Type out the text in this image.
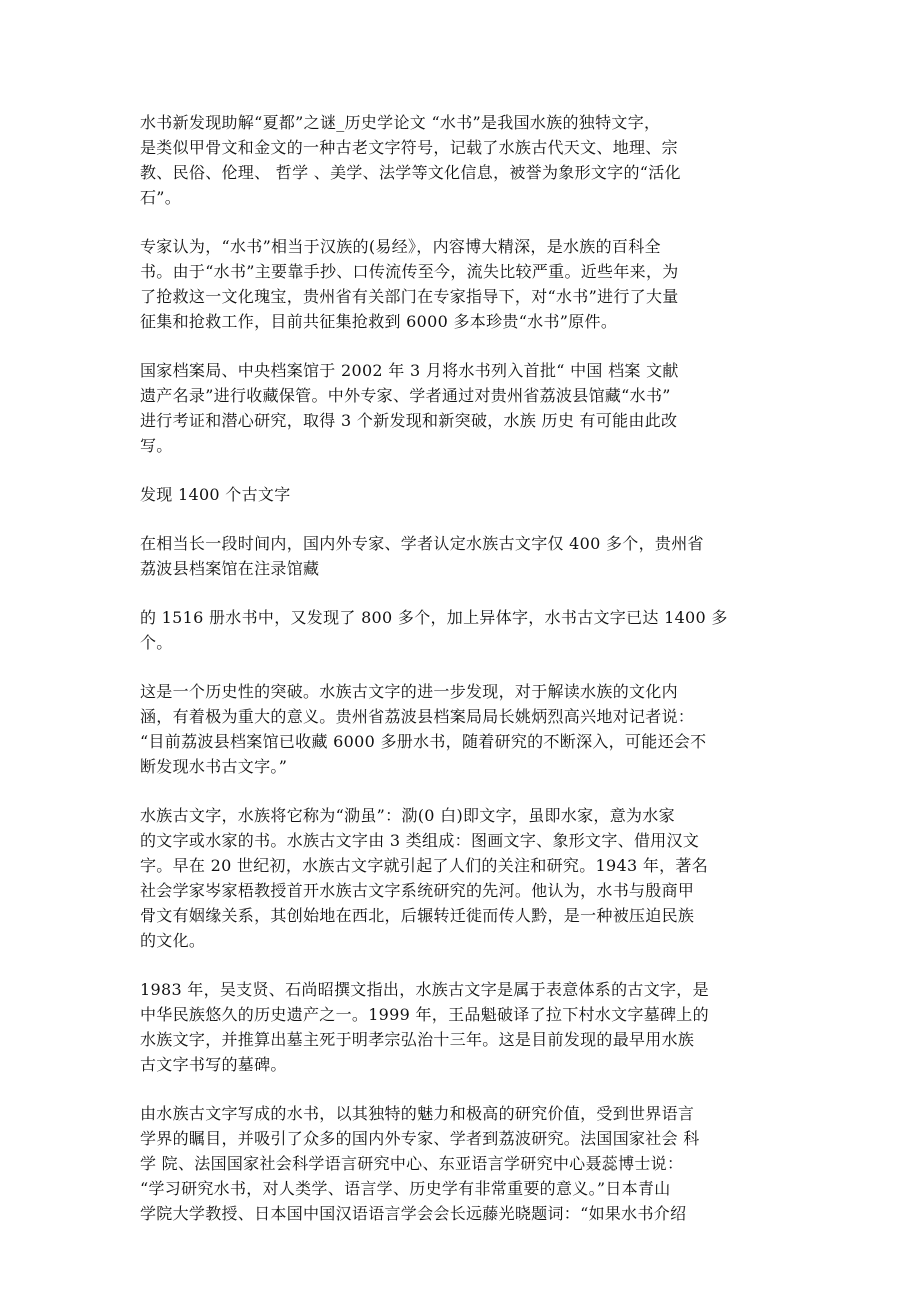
水书新发现助解“夏都”之谜_历史学论文 “水书”是我国水族的独特文字，
是类似甲骨文和金文的一种古老文字符号，记载了水族古代天文、地理、宗
教、民俗、伦理、 哲学 、美学、法学等文化信息，被誉为象形文字的“活化
石”。

专家认为，“水书”相当于汉族的(易经》，内容博大精深，是水族的百科全
书。由于“水书”主要靠手抄、口传流传至今，流失比较严重。近些年来，为
了抢救这一文化瑰宝，贵州省有关部门在专家指导下，对“水书”进行了大量
征集和抢救工作，目前共征集抢救到 6000 多本珍贵“水书”原件。

国家档案局、中央档案馆于 2002 年 3 月将水书列入首批“ 中国 档案 文献
遗产名录”进行收藏保管。中外专家、学者通过对贵州省荔波县馆藏“水书”
进行考证和潜心研究，取得 3 个新发现和新突破，水族 历史 有可能由此改
写。

发现 1400 个古文字

在相当长一段时间内，国内外专家、学者认定水族古文字仅 400 多个，贵州省
荔波县档案馆在注录馆藏

的 1516 册水书中，又发现了 800 多个，加上异体字，水书古文字已达 1400 多
个。

这是一个历史性的突破。水族古文字的进一步发现，对于解读水族的文化内
涵，有着极为重大的意义。贵州省荔波县档案局局长姚炳烈高兴地对记者说：
“目前荔波县档案馆已收藏 6000 多册水书，随着研究的不断深入，可能还会不
断发现水书古文字。”

水族古文字，水族将它称为“泐虽”：泐(0 白)即文字，虽即水家，意为水家
的文字或水家的书。水族古文字由 3 类组成：图画文字、象形文字、借用汉文
字。早在 20 世纪初，水族古文字就引起了人们的关注和研究。1943 年，著名
社会学家岑家梧教授首开水族古文字系统研究的先河。他认为，水书与殷商甲
骨文有姻缘关系，其创始地在西北，后辗转迁徙而传人黔，是一种被压迫民族
的文化。

1983 年，吴支贤、石尚昭撰文指出，水族古文字是属于表意体系的古文字，是
中华民族悠久的历史遗产之一。1999 年，王品魁破译了拉下村水文字墓碑上的
水族文字，并推算出墓主死于明孝宗弘治十三年。这是目前发现的最早用水族
古文字书写的墓碑。

由水族古文字写成的水书，以其独特的魅力和极高的研究价值，受到世界语言
学界的瞩目，并吸引了众多的国内外专家、学者到荔波研究。法国国家社会 科
学 院、法国国家社会科学语言研究中心、东亚语言学研究中心聂蕊博士说：
“学习研究水书，对人类学、语言学、历史学有非常重要的意义。”日本青山
学院大学教授、日本国中国汉语语言学会会长远藤光晓题词：“如果水书介绍
